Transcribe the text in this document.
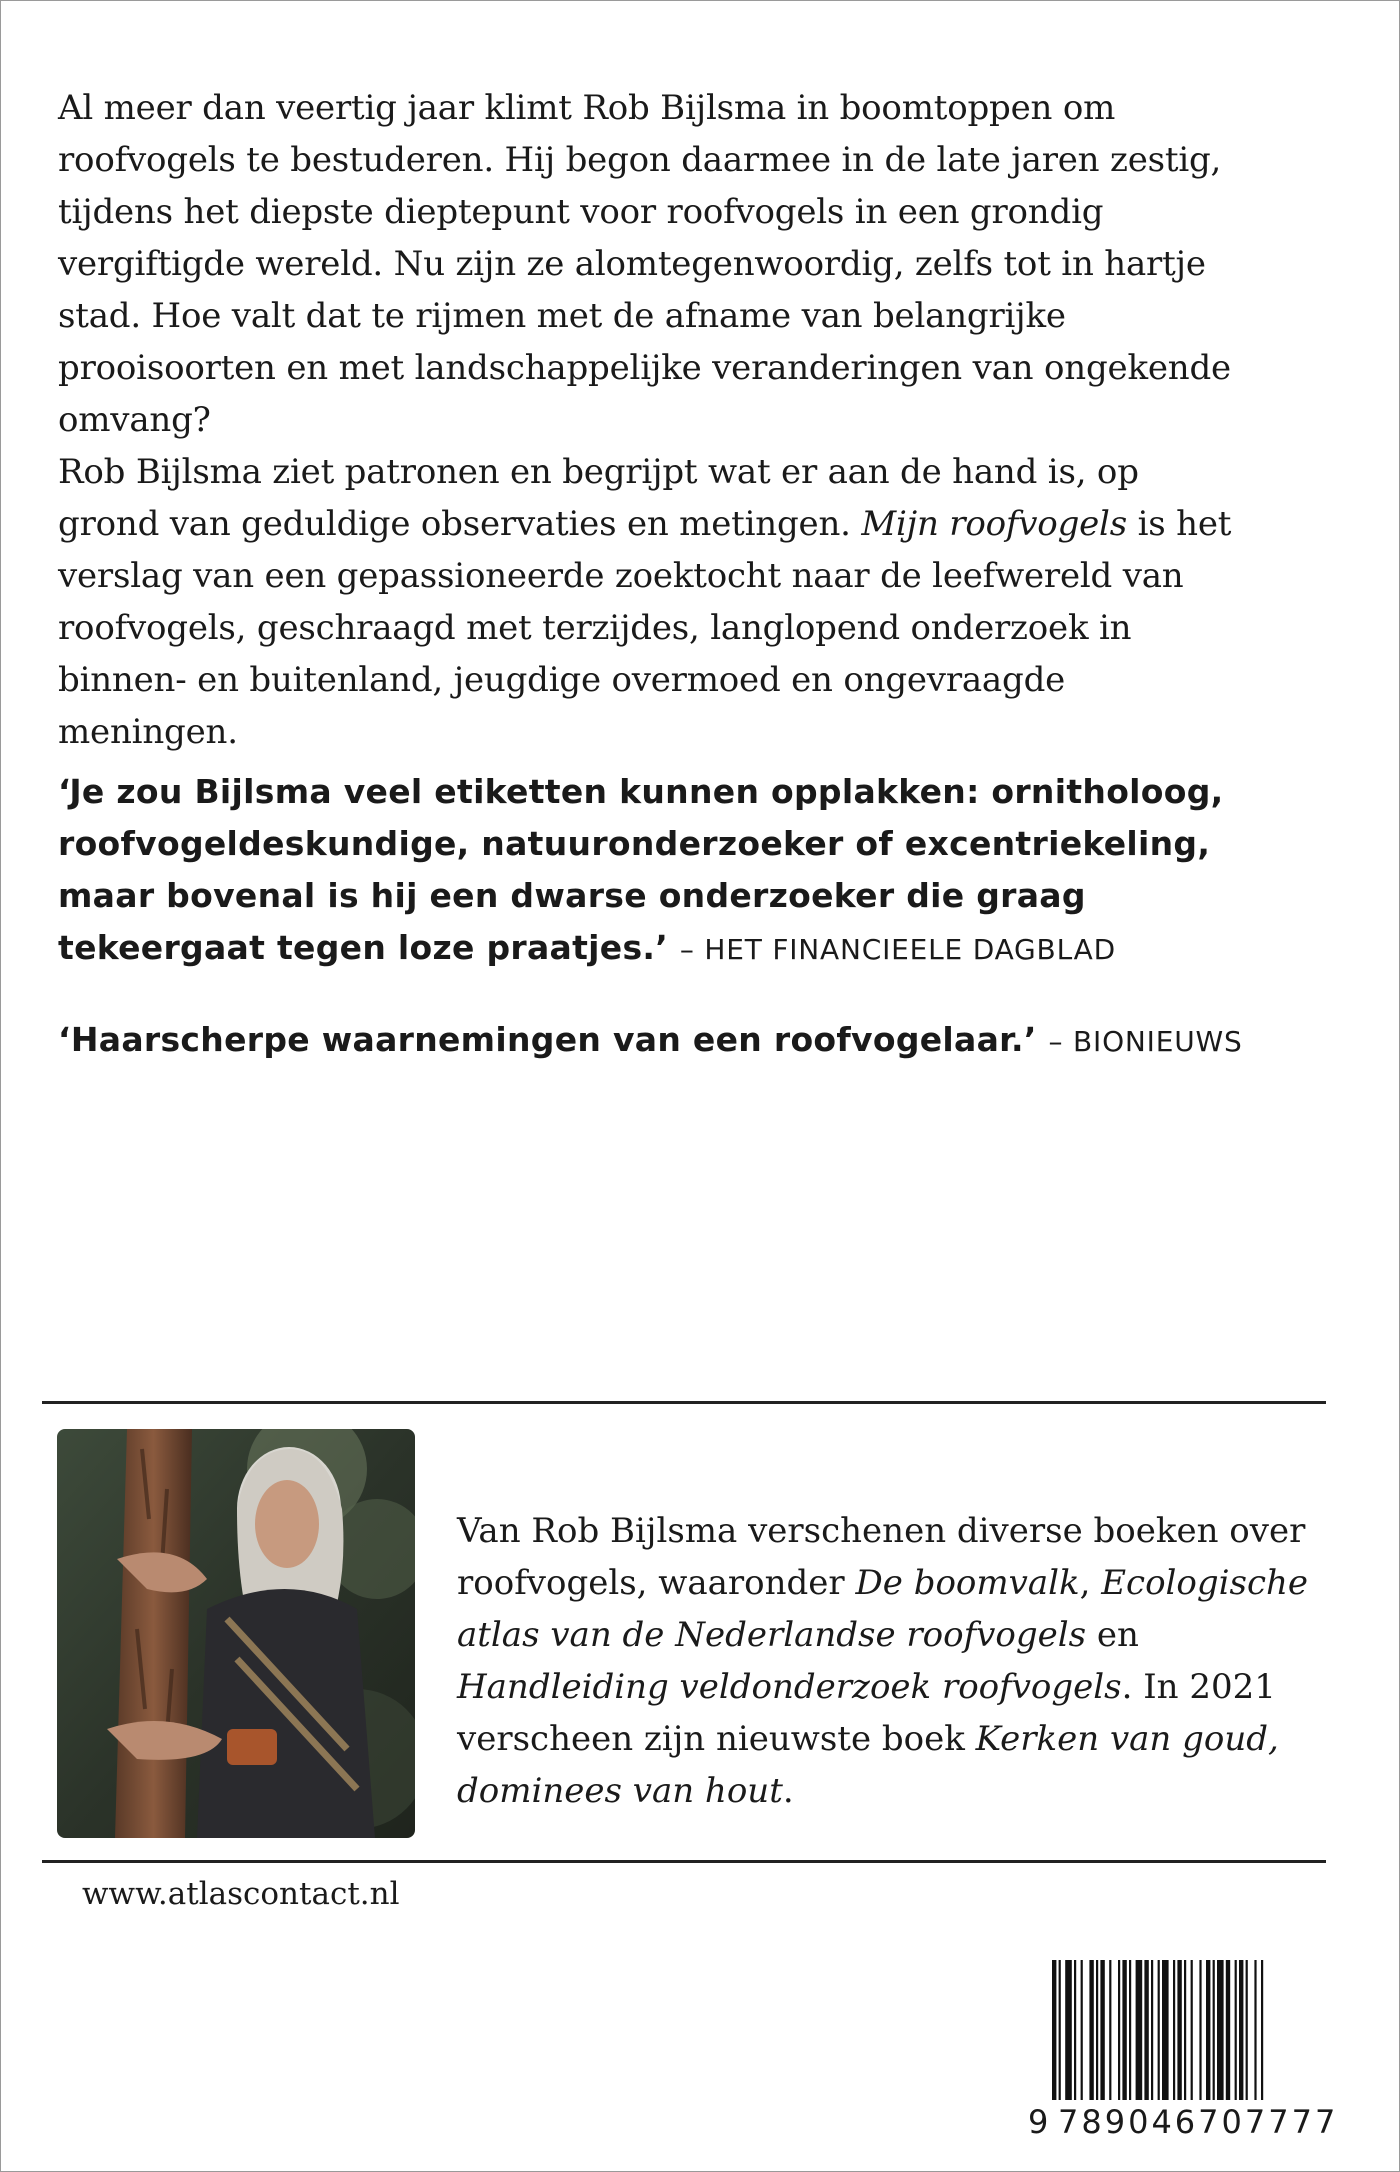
Al meer dan veertig jaar klimt Rob Bijlsma in boomtoppen om roofvogels te bestuderen. Hij begon daarmee in de late jaren zestig, tijdens het diepste dieptepunt voor roofvogels in een grondig vergiftigde wereld. Nu zijn ze alomtegenwoordig, zelfs tot in hartje stad. Hoe valt dat te rijmen met de afname van belangrijke prooisoorten en met landschappelijke veranderingen van ongekende omvang?

Rob Bijlsma ziet patronen en begrijpt wat er aan de hand is, op grond van geduldige observaties en metingen. Mijn roofvogels is het verslag van een gepassioneerde zoektocht naar de leefwereld van roofvogels, geschraagd met terzijdes, langlopend onderzoek in binnen- en buitenland, jeugdige overmoed en ongevraagde meningen.

‘Je zou Bijlsma veel etiketten kunnen opplakken: ornitholoog, roofvogeldeskundige, natuuronderzoeker of excentriekeling, maar bovenal is hij een dwarse onderzoeker die graag tekeergaat tegen loze praatjes.’ – HET FINANCIEELE DAGBLAD

‘Haarscherpe waarnemingen van een roofvogelaar.’ – BIONIEUWS

Van Rob Bijlsma verschenen diverse boeken over roofvogels, waaronder De boomvalk, Ecologische atlas van de Nederlandse roofvogels en Handleiding veldonderzoek roofvogels. In 2021 verscheen zijn nieuwste boek Kerken van goud, dominees van hout.

www.atlascontact.nl
9 789046707777
